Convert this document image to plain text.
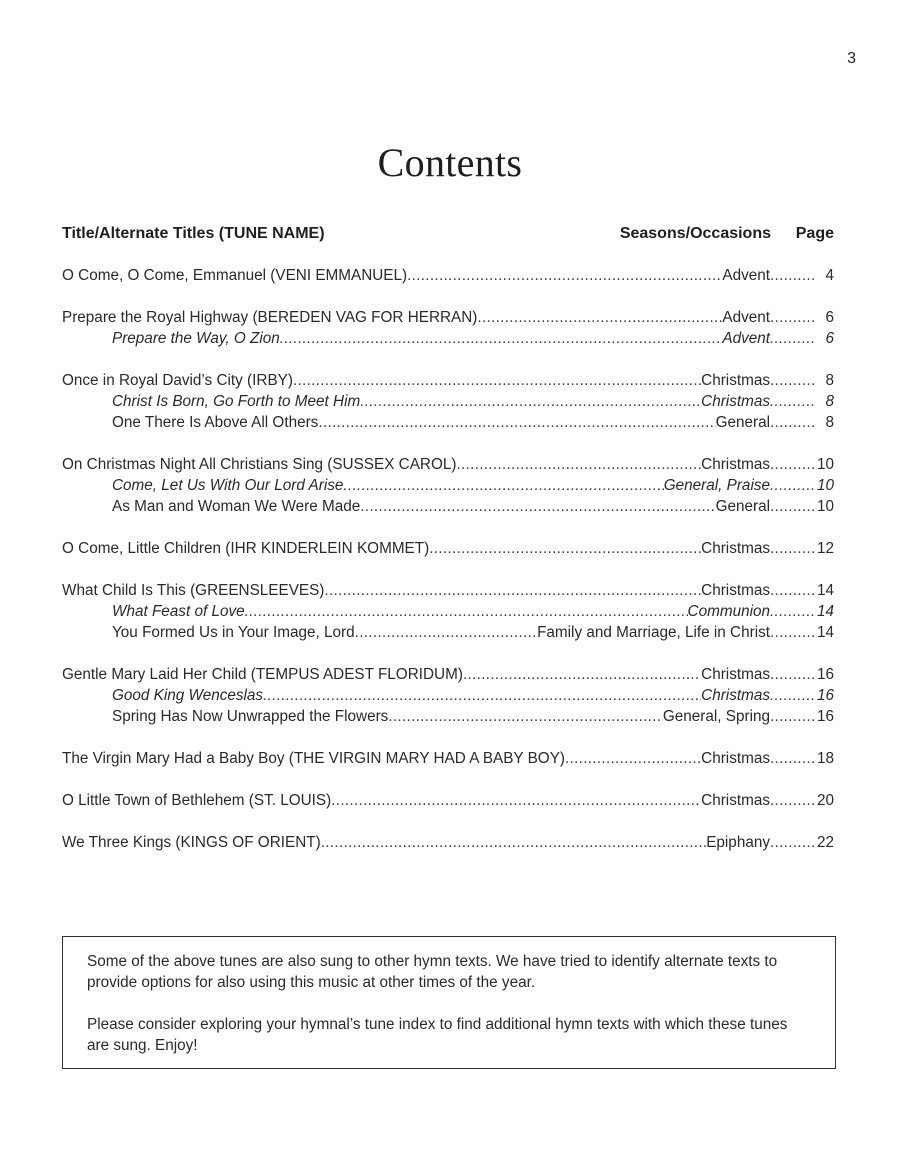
3
Contents
Title/Alternate Titles (TUNE NAME)	Seasons/Occasions Page
O Come, O Come, Emmanuel (VENI EMMANUEL) .....	Advent .....	4
Prepare the Royal Highway (BEREDEN VAG FOR HERRAN) .....	Advent .....	6
Prepare the Way, O Zion .....	Advent .....	6
Once in Royal David’s City (IRBY) .....	Christmas .....	8
Christ Is Born, Go Forth to Meet Him .....	Christmas .....	8
One There Is Above All Others .....	General .....	8
On Christmas Night All Christians Sing (SUSSEX CAROL) .....	Christmas .....	10
Come, Let Us With Our Lord Arise .....	General, Praise .....	10
As Man and Woman We Were Made .....	General .....	10
O Come, Little Children (IHR KINDERLEIN KOMMET) .....	Christmas .....	12
What Child Is This (GREENSLEEVES) .....	Christmas .....	14
What Feast of Love .....	Communion .....	14
You Formed Us in Your Image, Lord .....	Family and Marriage, Life in Christ .....	14
Gentle Mary Laid Her Child (TEMPUS ADEST FLORIDUM) .....	Christmas .....	16
Good King Wenceslas .....	Christmas .....	16
Spring Has Now Unwrapped the Flowers .....	General, Spring .....	16
The Virgin Mary Had a Baby Boy (THE VIRGIN MARY HAD A BABY BOY) .....	Christmas .....	18
O Little Town of Bethlehem (ST. LOUIS) .....	Christmas .....	20
We Three Kings (KINGS OF ORIENT) .....	Epiphany .....	22

Some of the above tunes are also sung to other hymn texts. We have tried to identify alternate texts to provide options for also using this music at other times of the year.

Please consider exploring your hymnal’s tune index to find additional hymn texts with which these tunes are sung. Enjoy!
